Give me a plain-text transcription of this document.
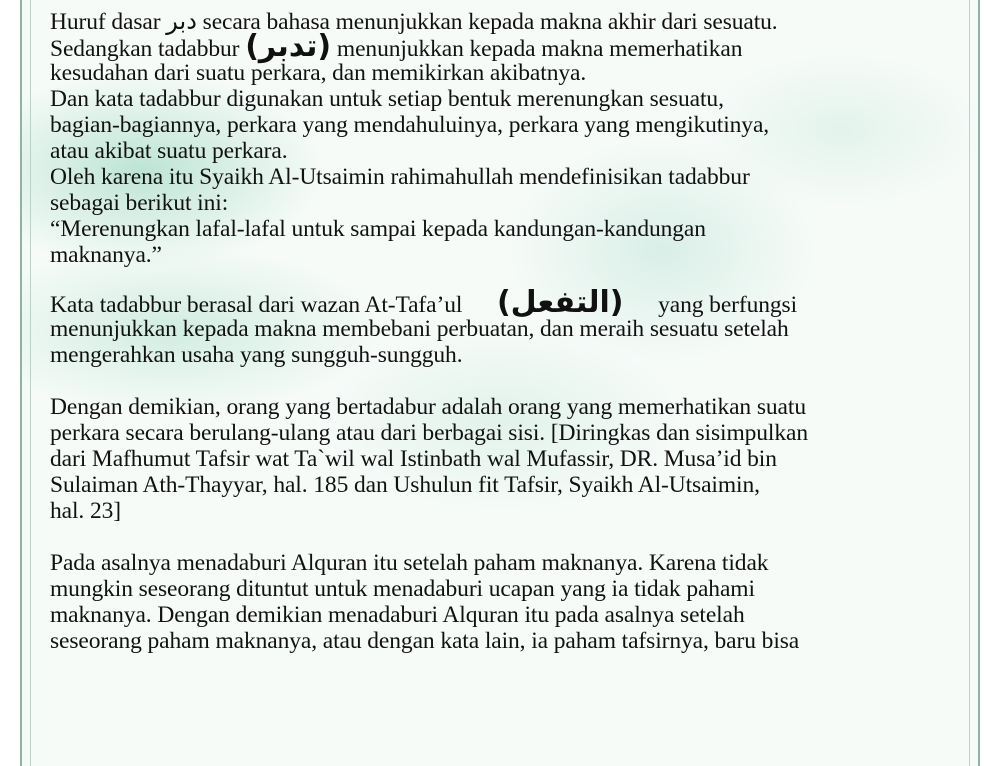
Huruf dasar دبر secara bahasa menunjukkan kepada makna akhir dari sesuatu.
Sedangkan tadabbur (تدبر) menunjukkan kepada makna memerhatikan
kesudahan dari suatu perkara, dan memikirkan akibatnya.
Dan kata tadabbur digunakan untuk setiap bentuk merenungkan sesuatu,
bagian-bagiannya, perkara yang mendahuluinya, perkara yang mengikutinya,
atau akibat suatu perkara.
Oleh karena itu Syaikh Al-Utsaimin rahimahullah mendefinisikan tadabbur
sebagai berikut ini:
“Merenungkan lafal-lafal untuk sampai kepada kandungan-kandungan
maknanya.”
Kata tadabbur berasal dari wazan At-Tafa’ul      (التفعل)      yang berfungsi
menunjukkan kepada makna membebani perbuatan, dan meraih sesuatu setelah
mengerahkan usaha yang sungguh-sungguh.
Dengan demikian, orang yang bertadabur adalah orang yang memerhatikan suatu
perkara secara berulang-ulang atau dari berbagai sisi. [Diringkas dan sisimpulkan
dari Mafhumut Tafsir wat Ta`wil wal Istinbath wal Mufassir, DR. Musa’id bin
Sulaiman Ath-Thayyar, hal. 185 dan Ushulun fit Tafsir, Syaikh Al-Utsaimin,
hal. 23]
Pada asalnya menadaburi Alquran itu setelah paham maknanya. Karena tidak
mungkin seseorang dituntut untuk menadaburi ucapan yang ia tidak pahami
maknanya. Dengan demikian menadaburi Alquran itu pada asalnya setelah
seseorang paham maknanya, atau dengan kata lain, ia paham tafsirnya, baru bisa
